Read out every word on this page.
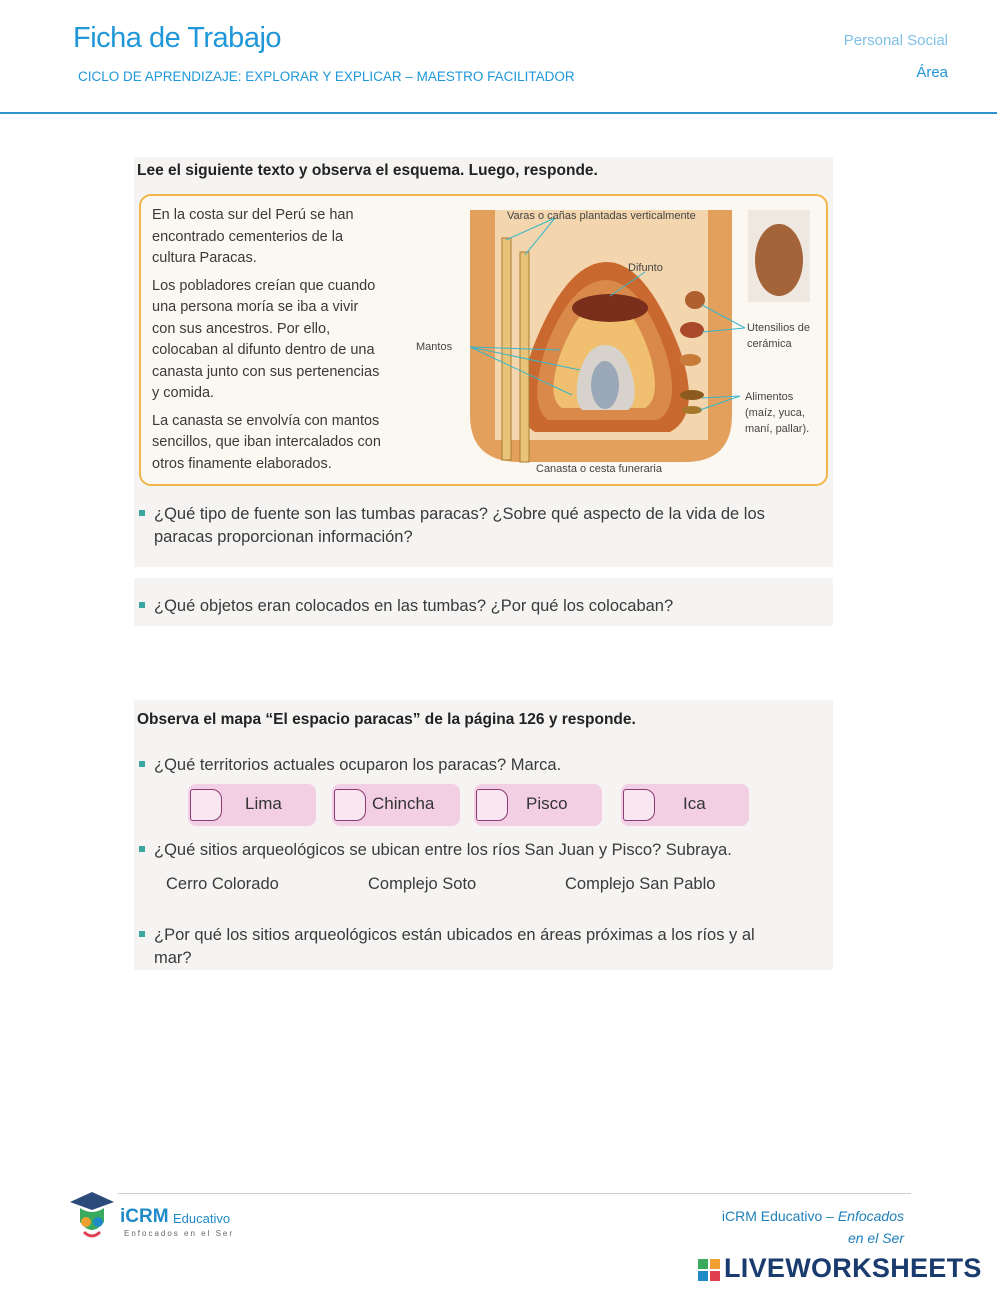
Ficha de Trabajo
CICLO DE APRENDIZAJE: EXPLORAR Y EXPLICAR – MAESTRO FACILITADOR
Personal Social
Área
Lee el siguiente texto y observa el esquema. Luego, responde.
En la costa sur del Perú se han
encontrado cementerios de la
cultura Paracas.
Los pobladores creían que cuando
una persona moría se iba a vivir
con sus ancestros. Por ello,
colocaban al difunto dentro de una
canasta junto con sus pertenencias
y comida.
La canasta se envolvía con mantos
sencillos, que iban intercalados con
otros finamente elaborados.
Varas o cañas plantadas verticalmente
Difunto
Mantos
Utensilios de
cerámica
Alimentos
(maíz, yuca,
maní, pallar).
Canasta o cesta funeraria
¿Qué tipo de fuente son las tumbas paracas? ¿Sobre qué aspecto de la vida de los
paracas proporcionan información?
¿Qué objetos eran colocados en las tumbas? ¿Por qué los colocaban?
Observa el mapa “El espacio paracas” de la página 126 y responde.
¿Qué territorios actuales ocuparon los paracas? Marca.
Lima	Chincha	Pisco	Ica
¿Qué sitios arqueológicos se ubican entre los ríos San Juan y Pisco? Subraya.
Cerro Colorado	Complejo Soto	Complejo San Pablo
¿Por qué los sitios arqueológicos están ubicados en áreas próximas a los ríos y al
mar?
iCRM Educativo
Enfocados en el Ser
iCRM Educativo – Enfocados
en el Ser
LIVEWORKSHEETS
